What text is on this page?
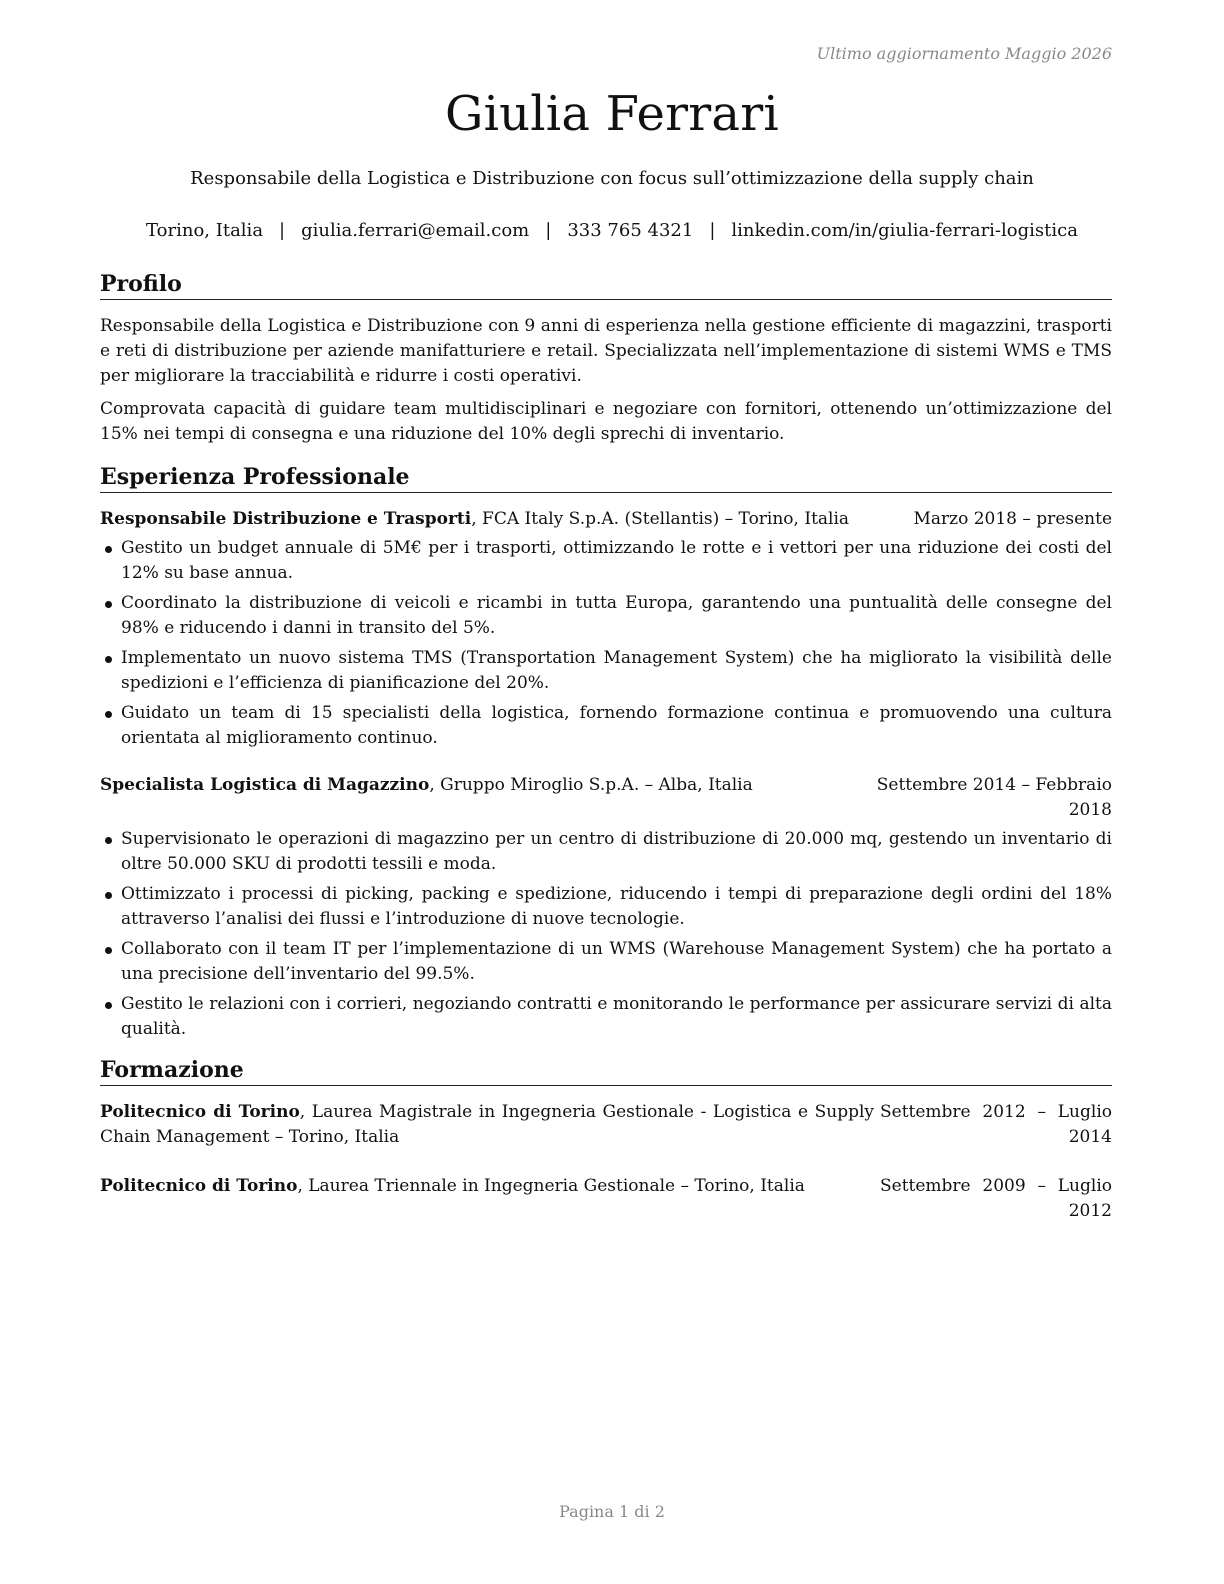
Ultimo aggiornamento Maggio 2026
Giulia Ferrari
Responsabile della Logistica e Distribuzione con focus sull’ottimizzazione della supply chain
Torino, Italia | giulia.ferrari@email.com | 333 765 4321 | linkedin.com/in/giulia-ferrari-logistica
Profilo

Responsabile della Logistica e Distribuzione con 9 anni di esperienza nella gestione efficiente di magazzini, trasporti e reti di distribuzione per aziende manifatturiere e retail. Specializzata nell’implementazione di sistemi WMS e TMS per migliorare la tracciabilità e ridurre i costi operativi.

Comprovata capacità di guidare team multidisciplinari e negoziare con fornitori, ottenendo un’ottimizzazione del 15% nei tempi di consegna e una riduzione del 10% degli sprechi di inventario.

Esperienza Professionale
Responsabile Distribuzione e Trasporti, FCA Italy S.p.A. (Stellantis) – Torino, Italia	Marzo 2018 – presente
Gestito un budget annuale di 5M€ per i trasporti, ottimizzando le rotte e i vettori per una riduzione dei costi del 12% su base annua.
Coordinato la distribuzione di veicoli e ricambi in tutta Europa, garantendo una puntualità delle consegne del 98% e riducendo i danni in transito del 5%.
Implementato un nuovo sistema TMS (Transportation Management System) che ha migliorato la visibilità delle spedizioni e l’efficienza di pianificazione del 20%.
Guidato un team di 15 specialisti della logistica, fornendo formazione continua e promuovendo una cultura orientata al miglioramento continuo.
Specialista Logistica di Magazzino, Gruppo Miroglio S.p.A. – Alba, Italia	Settembre 2014 – Febbraio 2018
Supervisionato le operazioni di magazzino per un centro di distribuzione di 20.000 mq, gestendo un inventario di oltre 50.000 SKU di prodotti tessili e moda.
Ottimizzato i processi di picking, packing e spedizione, riducendo i tempi di preparazione degli ordini del 18% attraverso l’analisi dei flussi e l’introduzione di nuove tecnologie.
Collaborato con il team IT per l’implementazione di un WMS (Warehouse Management System) che ha portato a una precisione dell’inventario del 99.5%.
Gestito le relazioni con i corrieri, negoziando contratti e monitorando le performance per assicurare servizi di alta qualità.
Formazione
Politecnico di Torino, Laurea Magistrale in Ingegneria Gestionale - Logistica e Supply Chain Management – Torino, Italia
Settembre 2012 – Luglio 2014
Politecnico di Torino, Laurea Triennale in Ingegneria Gestionale – Torino, Italia	Settembre 2009 – Luglio 2012
Pagina 1 di 2
